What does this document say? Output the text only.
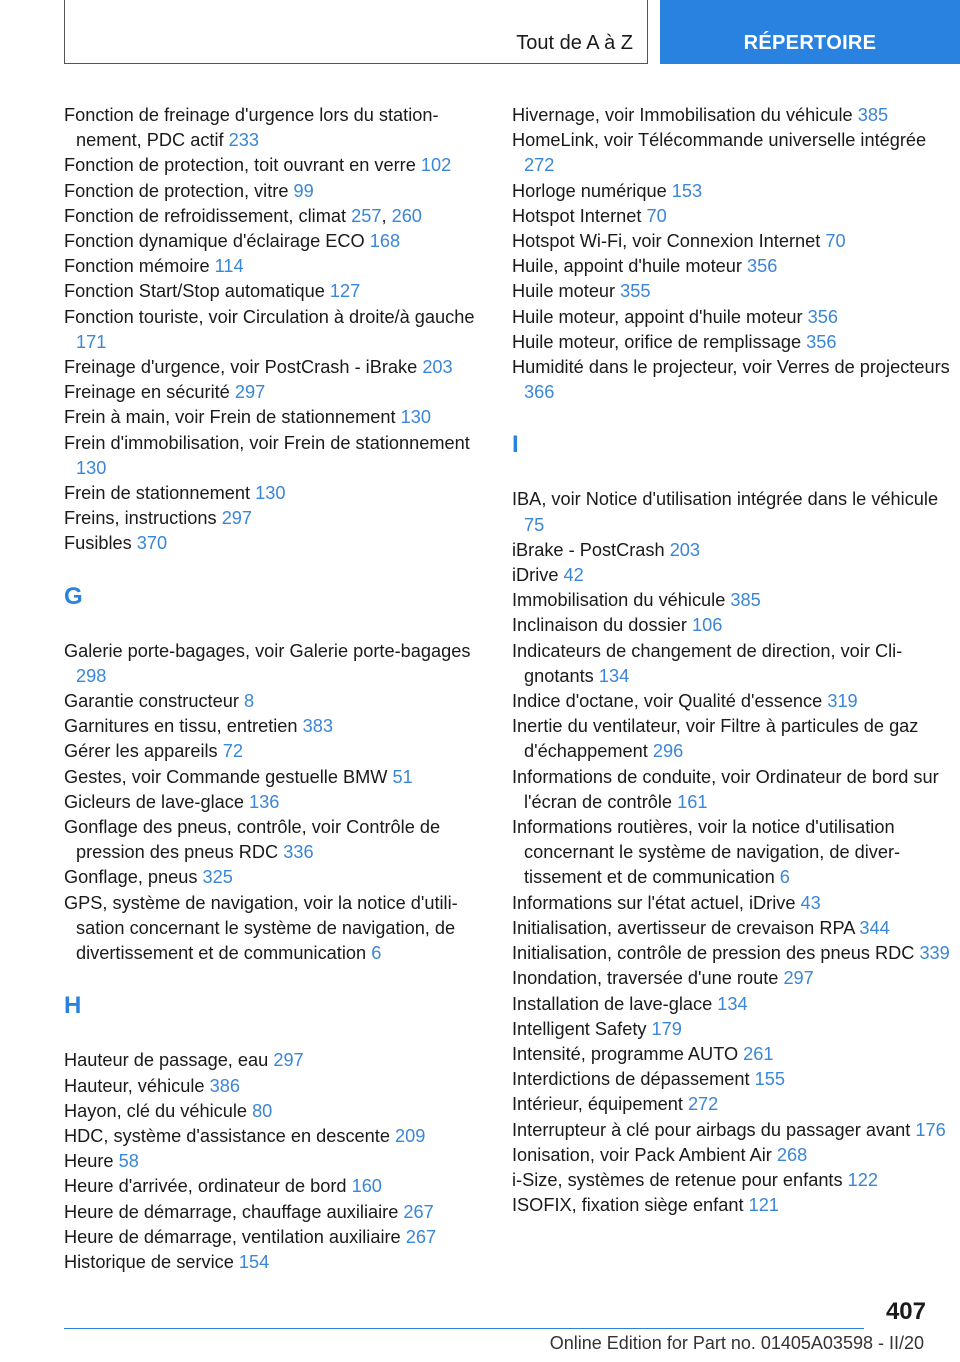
Tout de A à Z	RÉPERTOIRE
Fonction de freinage d'urgence lors du stationnement, PDC actif 233
Fonction de protection, toit ouvrant en verre 102
Fonction de protection, vitre 99
Fonction de refroidissement, climat 257, 260
Fonction dynamique d'éclairage ECO 168
Fonction mémoire 114
Fonction Start/Stop automatique 127
Fonction touriste, voir Circulation à droite/à gauche 171
Freinage d'urgence, voir PostCrash - iBrake 203
Freinage en sécurité 297
Frein à main, voir Frein de stationnement 130
Frein d'immobilisation, voir Frein de stationnement 130
Frein de stationnement 130
Freins, instructions 297
Fusibles 370
G
Galerie porte-bagages, voir Galerie porte-bagages 298
Garantie constructeur 8
Garnitures en tissu, entretien 383
Gérer les appareils 72
Gestes, voir Commande gestuelle BMW 51
Gicleurs de lave-glace 136
Gonflage des pneus, contrôle, voir Contrôle de pression des pneus RDC 336
Gonflage, pneus 325
GPS, système de navigation, voir la notice d'utilisation concernant le système de navigation, de divertissement et de communication 6
H
Hauteur de passage, eau 297
Hauteur, véhicule 386
Hayon, clé du véhicule 80
HDC, système d'assistance en descente 209
Heure 58
Heure d'arrivée, ordinateur de bord 160
Heure de démarrage, chauffage auxiliaire 267
Heure de démarrage, ventilation auxiliaire 267
Historique de service 154
Hivernage, voir Immobilisation du véhicule 385
HomeLink, voir Télécommande universelle intégrée 272
Horloge numérique 153
Hotspot Internet 70
Hotspot Wi-Fi, voir Connexion Internet 70
Huile, appoint d'huile moteur 356
Huile moteur 355
Huile moteur, appoint d'huile moteur 356
Huile moteur, orifice de remplissage 356
Humidité dans le projecteur, voir Verres de projecteurs 366
I
IBA, voir Notice d'utilisation intégrée dans le véhicule 75
iBrake - PostCrash 203
iDrive 42
Immobilisation du véhicule 385
Inclinaison du dossier 106
Indicateurs de changement de direction, voir Clignotants 134
Indice d'octane, voir Qualité d'essence 319
Inertie du ventilateur, voir Filtre à particules de gaz d'échappement 296
Informations de conduite, voir Ordinateur de bord sur l'écran de contrôle 161
Informations routières, voir la notice d'utilisation concernant le système de navigation, de divertissement et de communication 6
Informations sur l'état actuel, iDrive 43
Initialisation, avertisseur de crevaison RPA 344
Initialisation, contrôle de pression des pneus RDC 339
Inondation, traversée d'une route 297
Installation de lave-glace 134
Intelligent Safety 179
Intensité, programme AUTO 261
Interdictions de dépassement 155
Intérieur, équipement 272
Interrupteur à clé pour airbags du passager avant 176
Ionisation, voir Pack Ambient Air 268
i-Size, systèmes de retenue pour enfants 122
ISOFIX, fixation siège enfant 121
407
Online Edition for Part no. 01405A03598 - II/20
